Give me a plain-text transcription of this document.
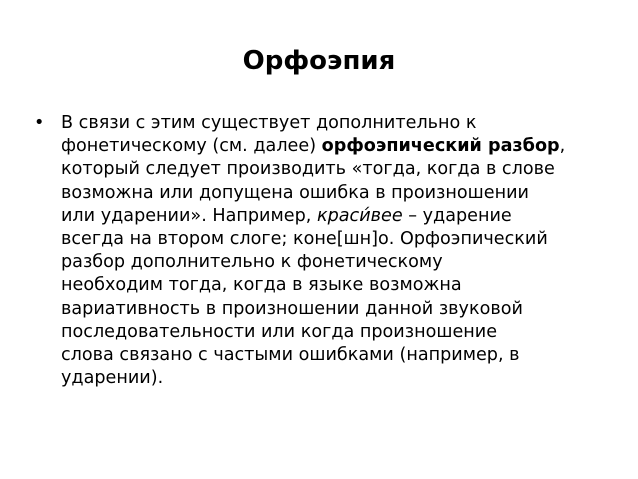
Орфоэпия
• В связи с этим существует дополнительно к
фонетическому (см. далее) орфоэпический разбор,
который следует производить «тогда, когда в слове
возможна или допущена ошибка в произношении
или ударении». Например, краси́вее – ударение
всегда на втором слоге; коне[шн]о. Орфоэпический
разбор дополнительно к фонетическому
необходим тогда, когда в языке возможна
вариативность в произношении данной звуковой
последовательности или когда произношение
слова связано с частыми ошибками (например, в
ударении).
